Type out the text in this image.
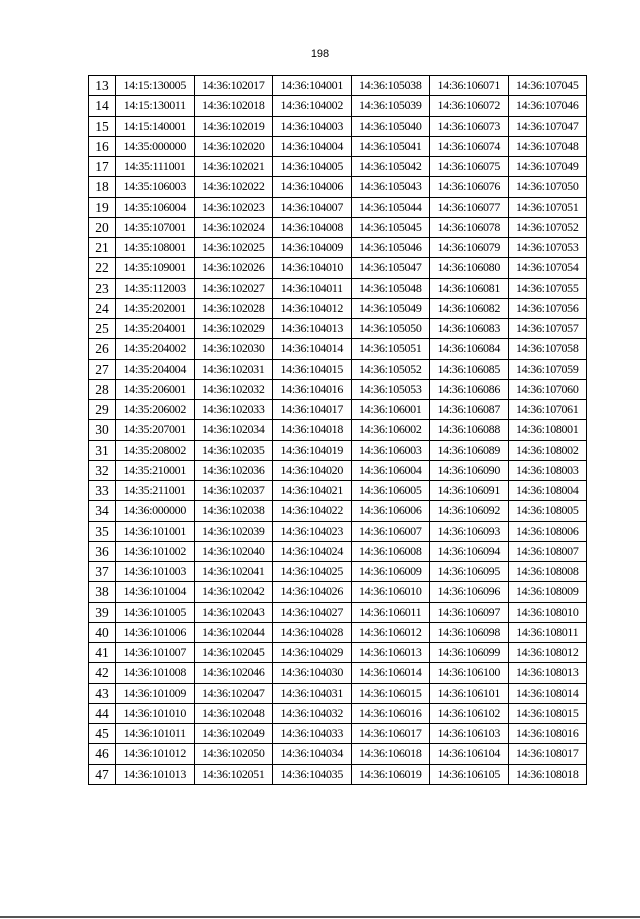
198
13	14:15:130005	14:36:102017	14:36:104001	14:36:105038	14:36:106071	14:36:107045
14	14:15:130011	14:36:102018	14:36:104002	14:36:105039	14:36:106072	14:36:107046
15	14:15:140001	14:36:102019	14:36:104003	14:36:105040	14:36:106073	14:36:107047
16	14:35:000000	14:36:102020	14:36:104004	14:36:105041	14:36:106074	14:36:107048
17	14:35:111001	14:36:102021	14:36:104005	14:36:105042	14:36:106075	14:36:107049
18	14:35:106003	14:36:102022	14:36:104006	14:36:105043	14:36:106076	14:36:107050
19	14:35:106004	14:36:102023	14:36:104007	14:36:105044	14:36:106077	14:36:107051
20	14:35:107001	14:36:102024	14:36:104008	14:36:105045	14:36:106078	14:36:107052
21	14:35:108001	14:36:102025	14:36:104009	14:36:105046	14:36:106079	14:36:107053
22	14:35:109001	14:36:102026	14:36:104010	14:36:105047	14:36:106080	14:36:107054
23	14:35:112003	14:36:102027	14:36:104011	14:36:105048	14:36:106081	14:36:107055
24	14:35:202001	14:36:102028	14:36:104012	14:36:105049	14:36:106082	14:36:107056
25	14:35:204001	14:36:102029	14:36:104013	14:36:105050	14:36:106083	14:36:107057
26	14:35:204002	14:36:102030	14:36:104014	14:36:105051	14:36:106084	14:36:107058
27	14:35:204004	14:36:102031	14:36:104015	14:36:105052	14:36:106085	14:36:107059
28	14:35:206001	14:36:102032	14:36:104016	14:36:105053	14:36:106086	14:36:107060
29	14:35:206002	14:36:102033	14:36:104017	14:36:106001	14:36:106087	14:36:107061
30	14:35:207001	14:36:102034	14:36:104018	14:36:106002	14:36:106088	14:36:108001
31	14:35:208002	14:36:102035	14:36:104019	14:36:106003	14:36:106089	14:36:108002
32	14:35:210001	14:36:102036	14:36:104020	14:36:106004	14:36:106090	14:36:108003
33	14:35:211001	14:36:102037	14:36:104021	14:36:106005	14:36:106091	14:36:108004
34	14:36:000000	14:36:102038	14:36:104022	14:36:106006	14:36:106092	14:36:108005
35	14:36:101001	14:36:102039	14:36:104023	14:36:106007	14:36:106093	14:36:108006
36	14:36:101002	14:36:102040	14:36:104024	14:36:106008	14:36:106094	14:36:108007
37	14:36:101003	14:36:102041	14:36:104025	14:36:106009	14:36:106095	14:36:108008
38	14:36:101004	14:36:102042	14:36:104026	14:36:106010	14:36:106096	14:36:108009
39	14:36:101005	14:36:102043	14:36:104027	14:36:106011	14:36:106097	14:36:108010
40	14:36:101006	14:36:102044	14:36:104028	14:36:106012	14:36:106098	14:36:108011
41	14:36:101007	14:36:102045	14:36:104029	14:36:106013	14:36:106099	14:36:108012
42	14:36:101008	14:36:102046	14:36:104030	14:36:106014	14:36:106100	14:36:108013
43	14:36:101009	14:36:102047	14:36:104031	14:36:106015	14:36:106101	14:36:108014
44	14:36:101010	14:36:102048	14:36:104032	14:36:106016	14:36:106102	14:36:108015
45	14:36:101011	14:36:102049	14:36:104033	14:36:106017	14:36:106103	14:36:108016
46	14:36:101012	14:36:102050	14:36:104034	14:36:106018	14:36:106104	14:36:108017
47	14:36:101013	14:36:102051	14:36:104035	14:36:106019	14:36:106105	14:36:108018
